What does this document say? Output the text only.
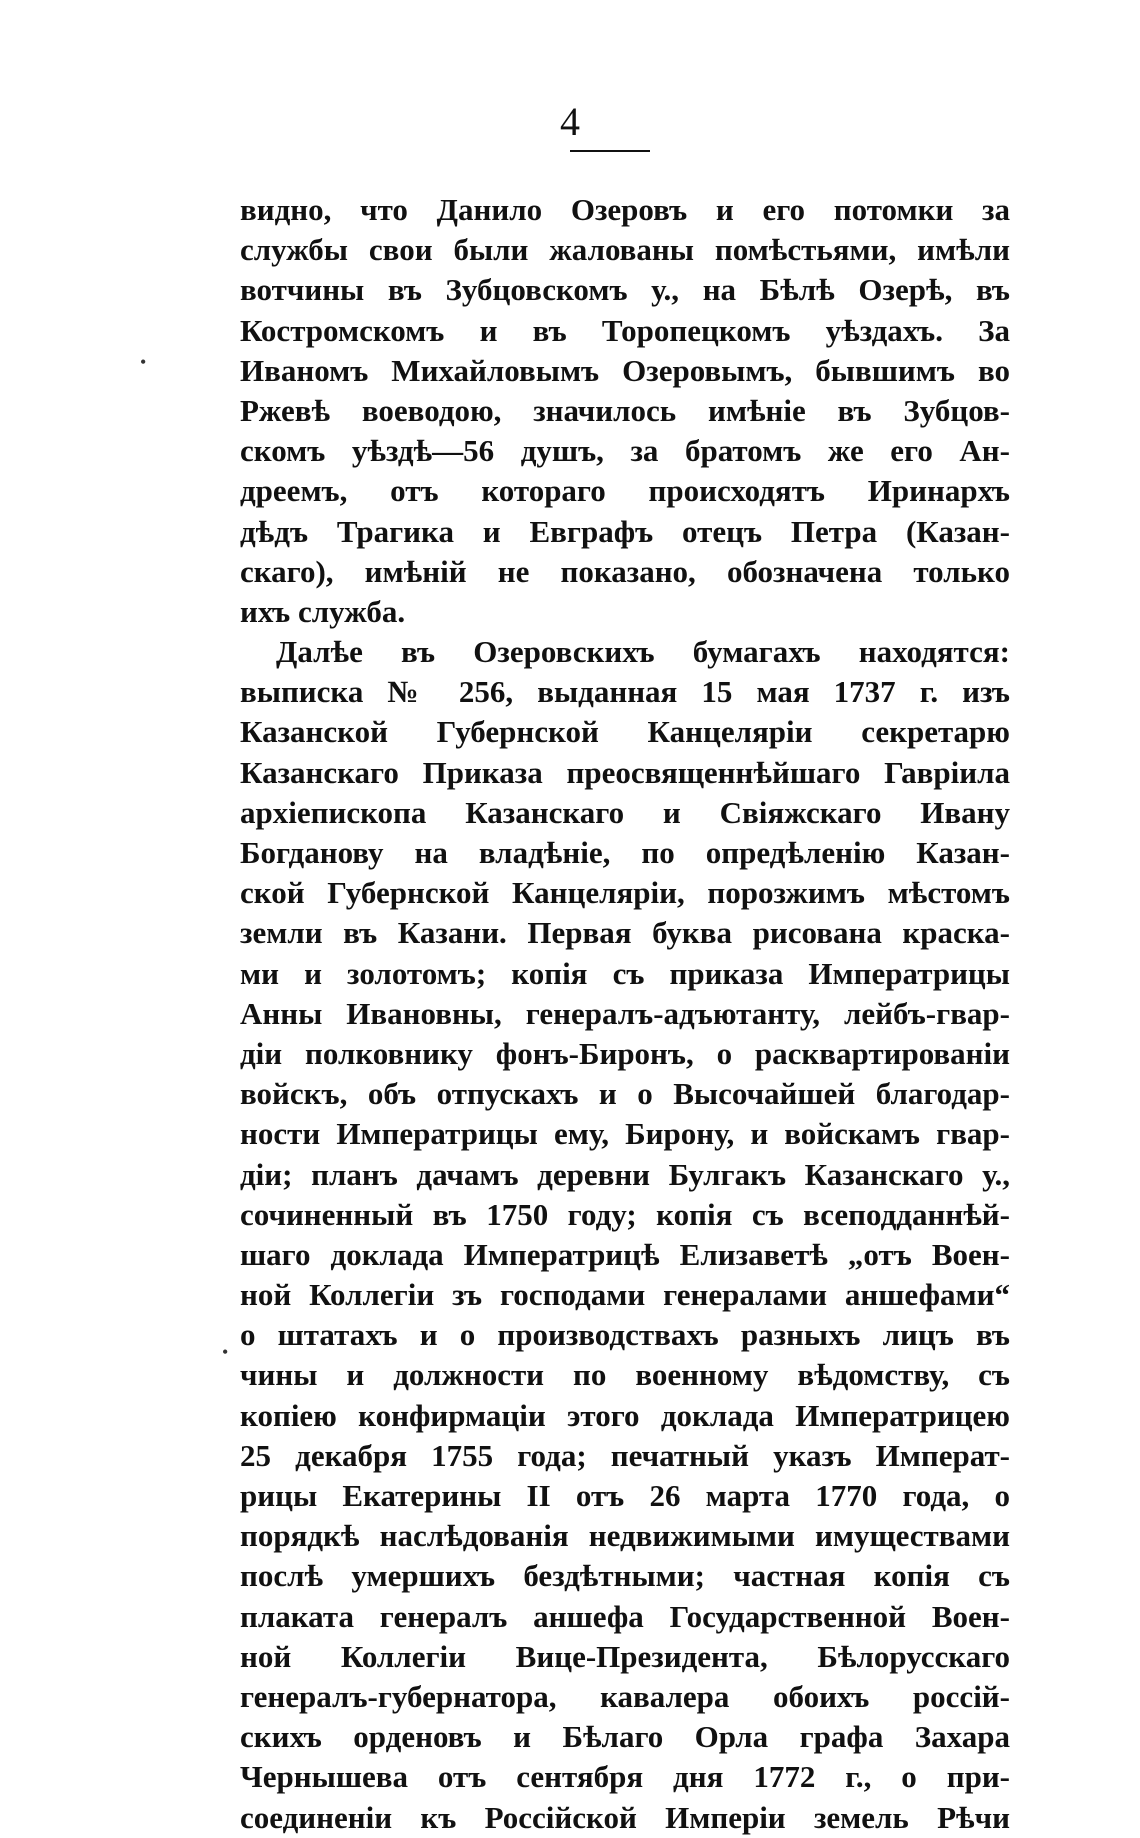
4
видно, что Данило Озеровъ и его потомки за
службы свои были жалованы помѣстьями, имѣли
вотчины въ Зубцовскомъ у., на Бѣлѣ Озерѣ, въ
Костромскомъ и въ Торопецкомъ уѣздахъ. За
Иваномъ Михайловымъ Озеровымъ, бывшимъ во
Ржевѣ воеводою, значилось имѣніе въ Зубцов-
скомъ уѣздѣ—56 душъ, за братомъ же его Ан-
дреемъ, отъ котораго происходятъ Иринархъ
дѣдъ Трагика и Евграфъ отецъ Петра (Казан-
скаго), имѣній не показано, обозначена только
ихъ служба.
Далѣе въ Озеровскихъ бумагахъ находятся:
выписка № 256, выданная 15 мая 1737 г. изъ
Казанской Губернской Канцеляріи секретарю
Казанскаго Приказа преосвященнѣйшаго Гавріила
архіепископа Казанскаго и Свіяжскаго Ивану
Богданову на владѣніе, по опредѣленію Казан-
ской Губернской Канцеляріи, порозжимъ мѣстомъ
земли въ Казани. Первая буква рисована краска-
ми и золотомъ; копія съ приказа Императрицы
Анны Ивановны, генералъ-адъютанту, лейбъ-гвар-
діи полковнику фонъ-Биронъ, о расквартированіи
войскъ, объ отпускахъ и о Высочайшей благодар-
ности Императрицы ему, Бирону, и войскамъ гвар-
діи; планъ дачамъ деревни Булгакъ Казанскаго у.,
сочиненный въ 1750 году; копія съ всеподданнѣй-
шаго доклада Императрицѣ Елизаветѣ „отъ Воен-
ной Коллегіи зъ господами генералами аншефами“
о штатахъ и о производствахъ разныхъ лицъ въ
чины и должности по военному вѣдомству, съ
копіею конфирмаціи этого доклада Императрицею
25 декабря 1755 года; печатный указъ Императ-
рицы Екатерины II отъ 26 марта 1770 года, о
порядкѣ наслѣдованія недвижимыми имуществами
послѣ умершихъ бездѣтными; частная копія съ
плаката генералъ аншефа Государственной Воен-
ной Коллегіи Вице-Президента, Бѣлорусскаго
генералъ-губернатора, кавалера обоихъ россій-
скихъ орденовъ и Бѣлаго Орла графа Захара
Чернышева отъ сентября дня 1772 г., о при-
соединеніи къ Россійской Имперіи земель Рѣчи
•
•
